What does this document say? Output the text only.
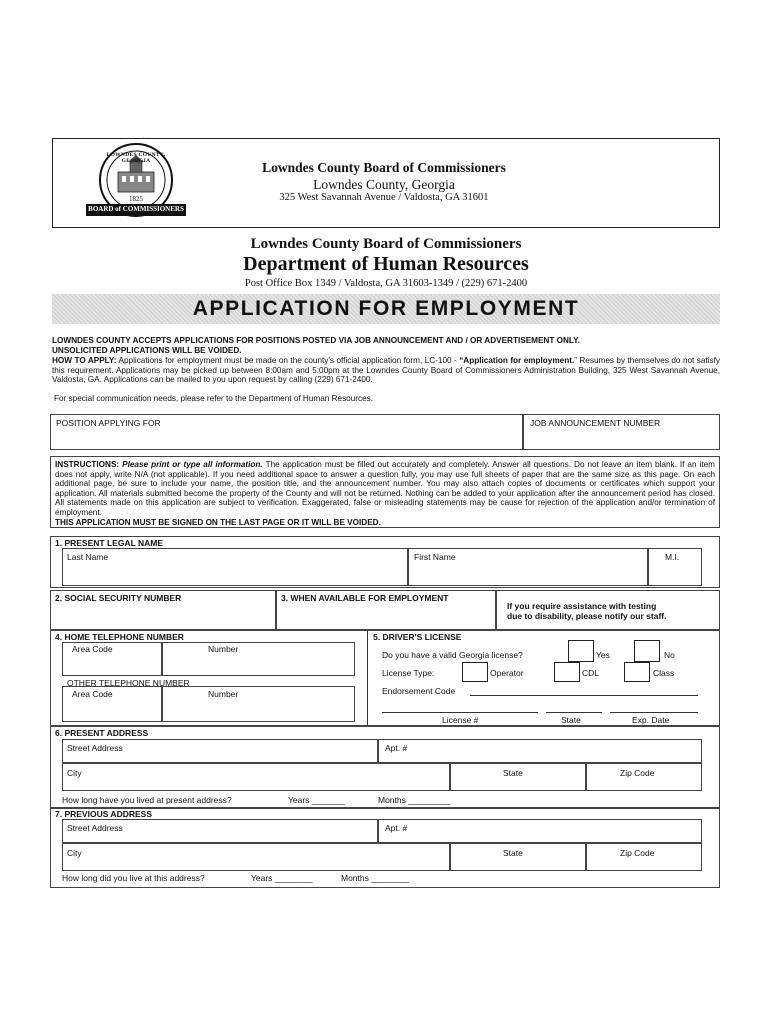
LOWNDES COUNTY, GEORGIA
1825
BOARD of COMMISSIONERS
Lowndes County Board of Commissioners
Lowndes County, Georgia
325 West Savannah Avenue / Valdosta, GA 31601
Lowndes County Board of Commissioners
Department of Human Resources
Post Office Box 1349 / Valdosta, GA 31603-1349 / (229) 671-2400
APPLICATION FOR EMPLOYMENT
LOWNDES COUNTY ACCEPTS APPLICATIONS FOR POSITIONS POSTED VIA JOB ANNOUNCEMENT AND / OR ADVERTISEMENT ONLY.
UNSOLICITED APPLICATIONS WILL BE VOIDED.
HOW TO APPLY: Applications for employment must be made on the county's official application form, LC-100 - “Application for employment.” Resumes by themselves do not satisfy this requirement. Applications may be picked up between 8:00am and 5:00pm at the Lowndes County Board of Commissioners Administration Building, 325 West Savannah Avenue, Valdosta, GA. Applications can be mailed to you upon request by calling (229) 671-2400.
For special communication needs, please refer to the Department of Human Resources.
POSITION APPLYING FOR	JOB ANNOUNCEMENT NUMBER
INSTRUCTIONS: Please print or type all information. The application must be filled out accurately and completely. Answer all questions. Do not leave an item blank. If an item does not apply, write N/A (not applicable). If you need additional space to answer a question fully, you may use full sheets of paper that are the same size as this page. On each additional page, be sure to include your name, the position title, and the announcement number. You may also attach copies of documents or certificates which support your application. All materials submitted become the property of the County and will not be returned. Nothing can be added to your application after the announcement period has closed. All statements made on this application are subject to verification. Exaggerated, false or misleading statements may be cause for rejection of the application and/or termination of employment.
THIS APPLICATION MUST BE SIGNED ON THE LAST PAGE OR IT WILL BE VOIDED.
1. PRESENT LEGAL NAME
Last Name	First Name	M.I.
2. SOCIAL SECURITY NUMBER	3. WHEN AVAILABLE FOR EMPLOYMENT
If you require assistance with testing
due to disability, please notify our staff.
4. HOME TELEPHONE NUMBER
Area Code	Number
OTHER TELEPHONE NUMBER
Area Code	Number
5. DRIVER'S LICENSE
Do you have a valid Georgia license?	Yes	No
License Type:	Operator	CDL	Class
Endorsement Code
License #	State	Exp. Date
6. PRESENT ADDRESS
Street Address	Apt. #
City	State	Zip Code
How long have you lived at present address?	Years _______	Months _________
7. PREVIOUS ADDRESS
Street Address	Apt. #
City	State	Zip Code
How long did you live at this address?	Years ________	Months ________
